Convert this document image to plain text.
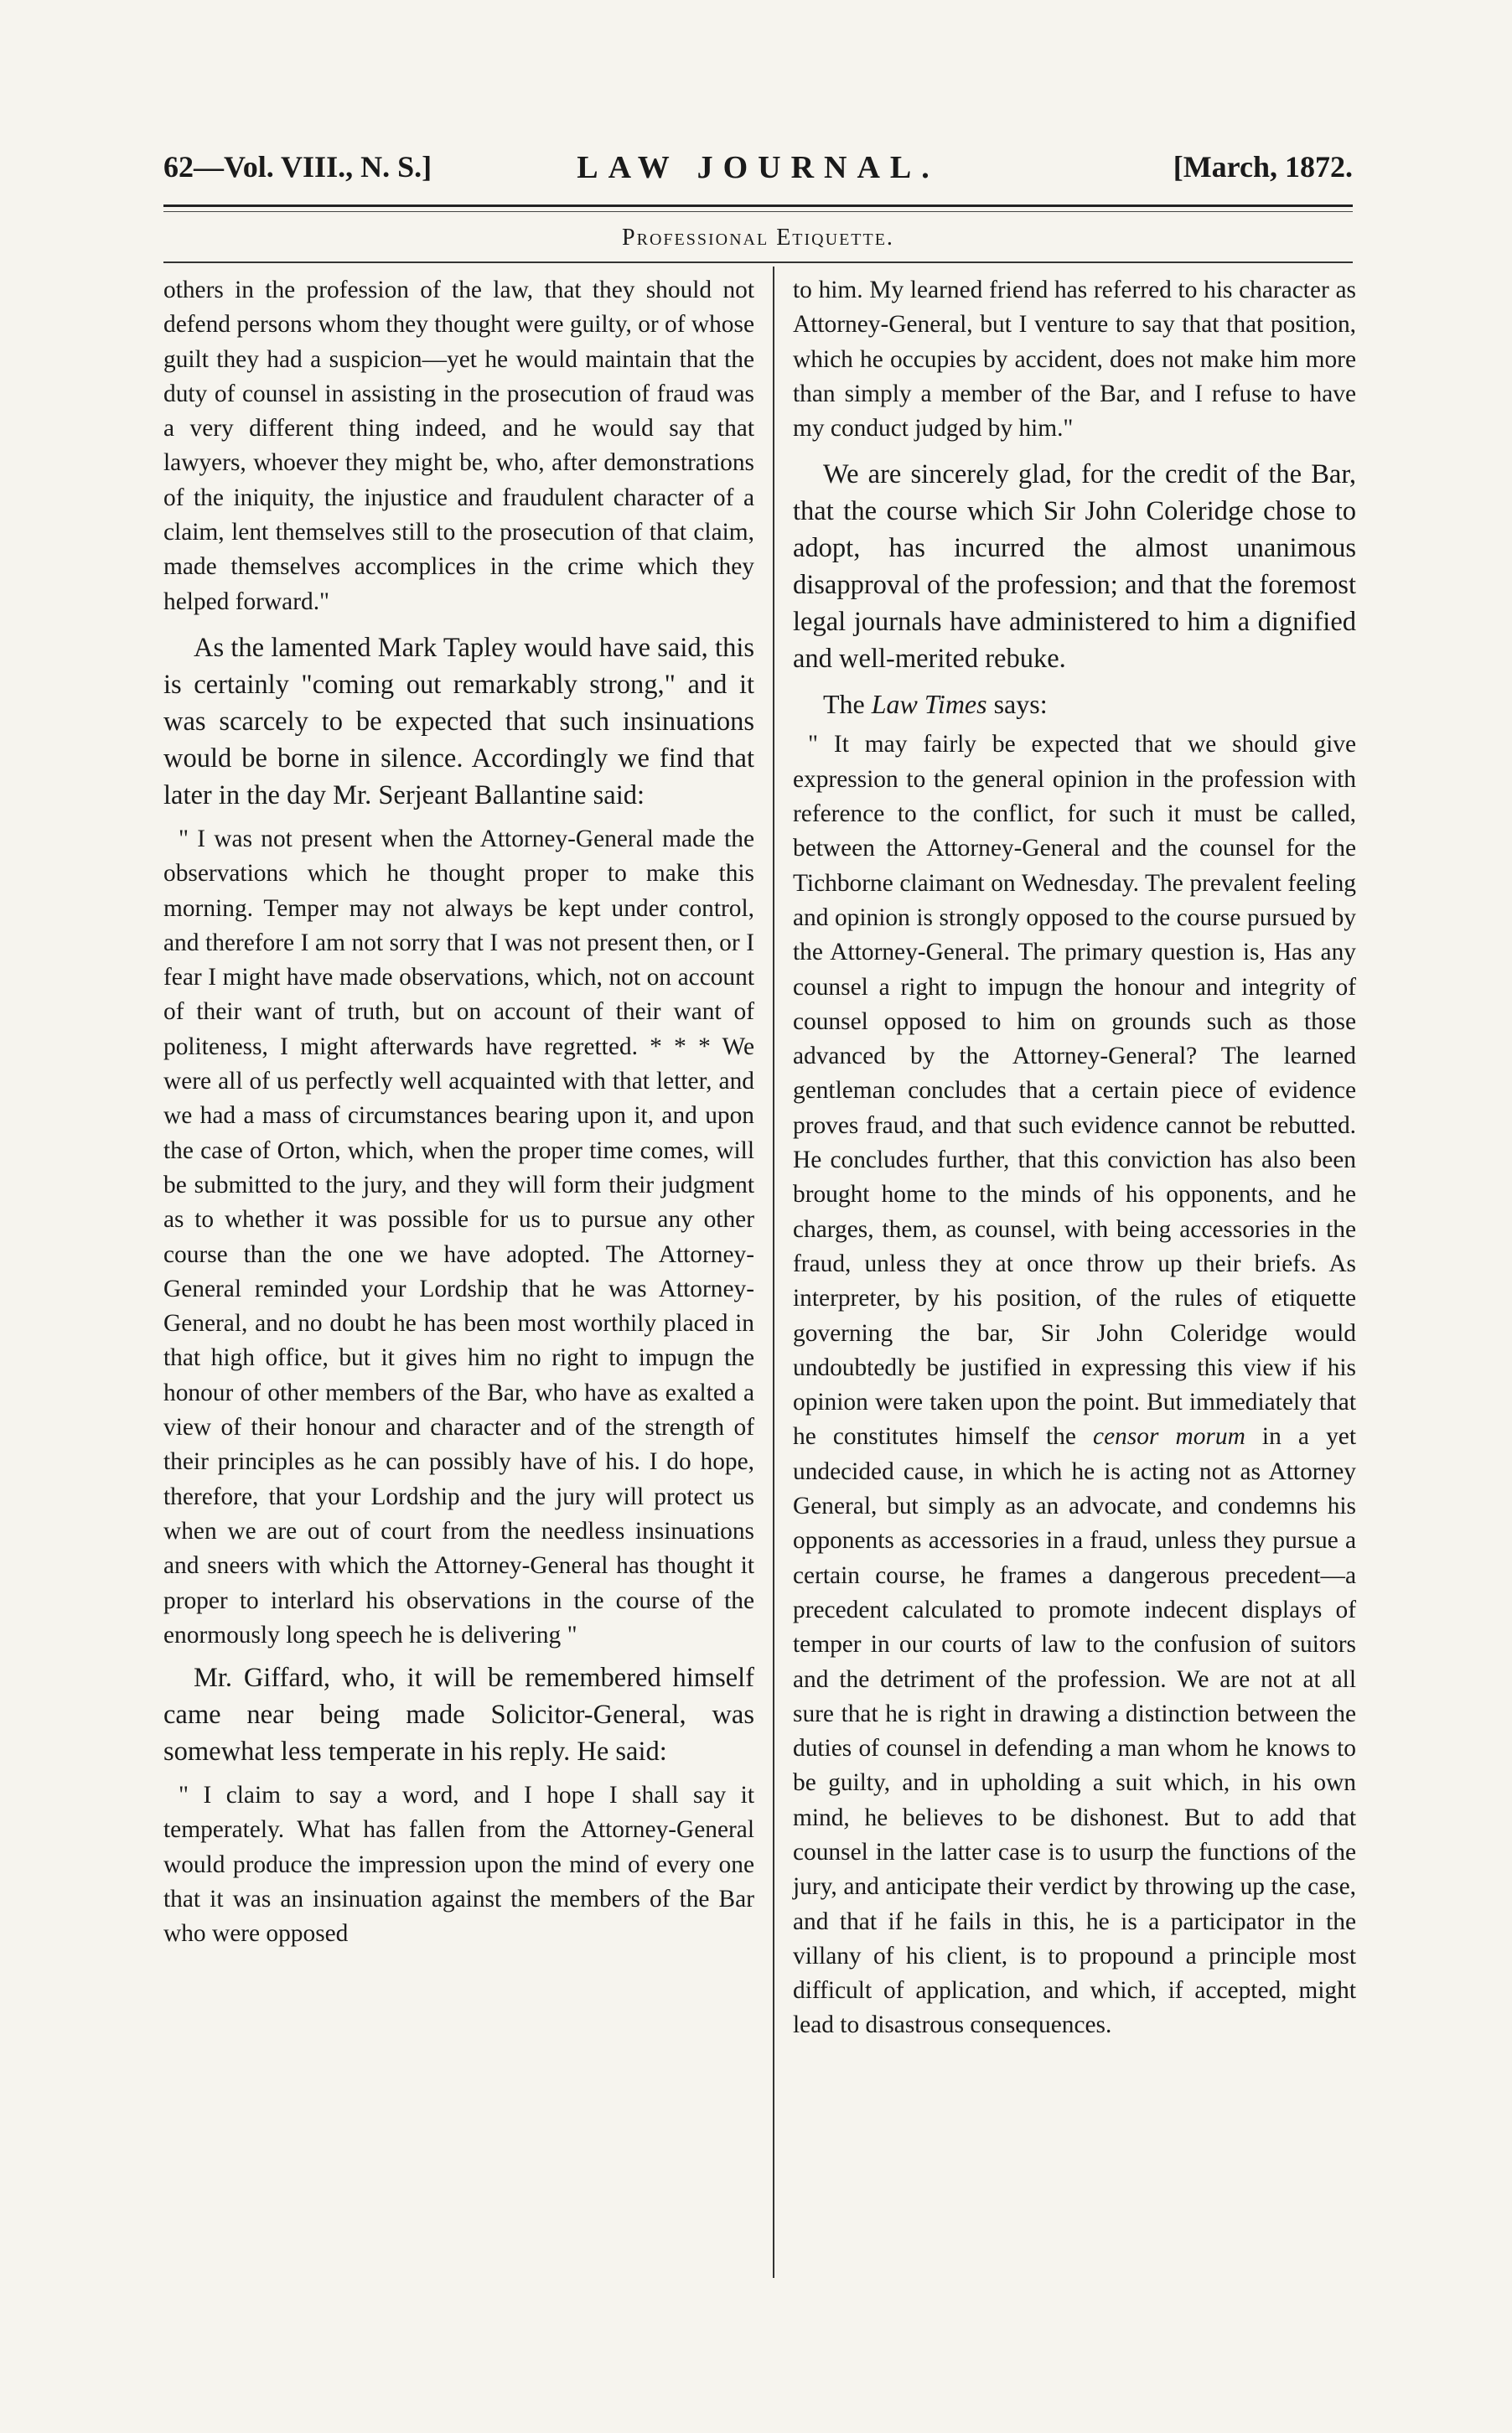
62—Vol. VIII., N. S.]	LAW JOURNAL.	[March, 1872.
Professional Etiquette.

others in the profession of the law, that they should not defend persons whom they thought were guilty, or of whose guilt they had a suspicion—yet he would maintain that the duty of counsel in assisting in the prosecution of fraud was a very different thing indeed, and he would say that lawyers, whoever they might be, who, after demonstrations of the iniquity, the injustice and fraudulent character of a claim, lent themselves still to the prosecution of that claim, made themselves accomplices in the crime which they helped forward."

As the lamented Mark Tapley would have said, this is certainly "coming out remarkably strong," and it was scarcely to be expected that such insinuations would be borne in silence. Accordingly we find that later in the day Mr. Serjeant Ballantine said:

" I was not present when the Attorney-General made the observations which he thought proper to make this morning. Temper may not always be kept under control, and therefore I am not sorry that I was not present then, or I fear I might have made observations, which, not on account of their want of truth, but on account of their want of politeness, I might afterwards have regretted. * * * We were all of us perfectly well acquainted with that letter, and we had a mass of circumstances bearing upon it, and upon the case of Orton, which, when the proper time comes, will be submitted to the jury, and they will form their judgment as to whether it was possible for us to pursue any other course than the one we have adopted. The Attorney-General reminded your Lordship that he was Attorney-General, and no doubt he has been most worthily placed in that high office, but it gives him no right to impugn the honour of other members of the Bar, who have as exalted a view of their honour and character and of the strength of their principles as he can possibly have of his. I do hope, therefore, that your Lordship and the jury will protect us when we are out of court from the needless insinuations and sneers with which the Attorney-General has thought it proper to interlard his observations in the course of the enormously long speech he is delivering "

Mr. Giffard, who, it will be remembered himself came near being made Solicitor-General, was somewhat less temperate in his reply. He said:

" I claim to say a word, and I hope I shall say it temperately. What has fallen from the Attorney-General would produce the impression upon the mind of every one that it was an insinuation against the members of the Bar who were opposed

to him. My learned friend has referred to his character as Attorney-General, but I venture to say that that position, which he occupies by accident, does not make him more than simply a member of the Bar, and I refuse to have my conduct judged by him."

We are sincerely glad, for the credit of the Bar, that the course which Sir John Coleridge chose to adopt, has incurred the almost unanimous disapproval of the profession; and that the foremost legal journals have administered to him a dignified and well-merited rebuke.

The Law Times says:

" It may fairly be expected that we should give expression to the general opinion in the profession with reference to the conflict, for such it must be called, between the Attorney-General and the counsel for the Tichborne claimant on Wednesday. The prevalent feeling and opinion is strongly opposed to the course pursued by the Attorney-General. The primary question is, Has any counsel a right to impugn the honour and integrity of counsel opposed to him on grounds such as those advanced by the Attorney-General? The learned gentleman concludes that a certain piece of evidence proves fraud, and that such evidence cannot be rebutted. He concludes further, that this conviction has also been brought home to the minds of his opponents, and he charges, them, as counsel, with being accessories in the fraud, unless they at once throw up their briefs. As interpreter, by his position, of the rules of etiquette governing the bar, Sir John Coleridge would undoubtedly be justified in expressing this view if his opinion were taken upon the point. But immediately that he constitutes himself the censor morum in a yet undecided cause, in which he is acting not as Attorney General, but simply as an advocate, and condemns his opponents as accessories in a fraud, unless they pursue a certain course, he frames a dangerous precedent—a precedent calculated to promote indecent displays of temper in our courts of law to the confusion of suitors and the detriment of the profession. We are not at all sure that he is right in drawing a distinction between the duties of counsel in defending a man whom he knows to be guilty, and in upholding a suit which, in his own mind, he believes to be dishonest. But to add that counsel in the latter case is to usurp the functions of the jury, and anticipate their verdict by throwing up the case, and that if he fails in this, he is a participator in the villany of his client, is to propound a principle most difficult of application, and which, if accepted, might lead to disastrous consequences.
